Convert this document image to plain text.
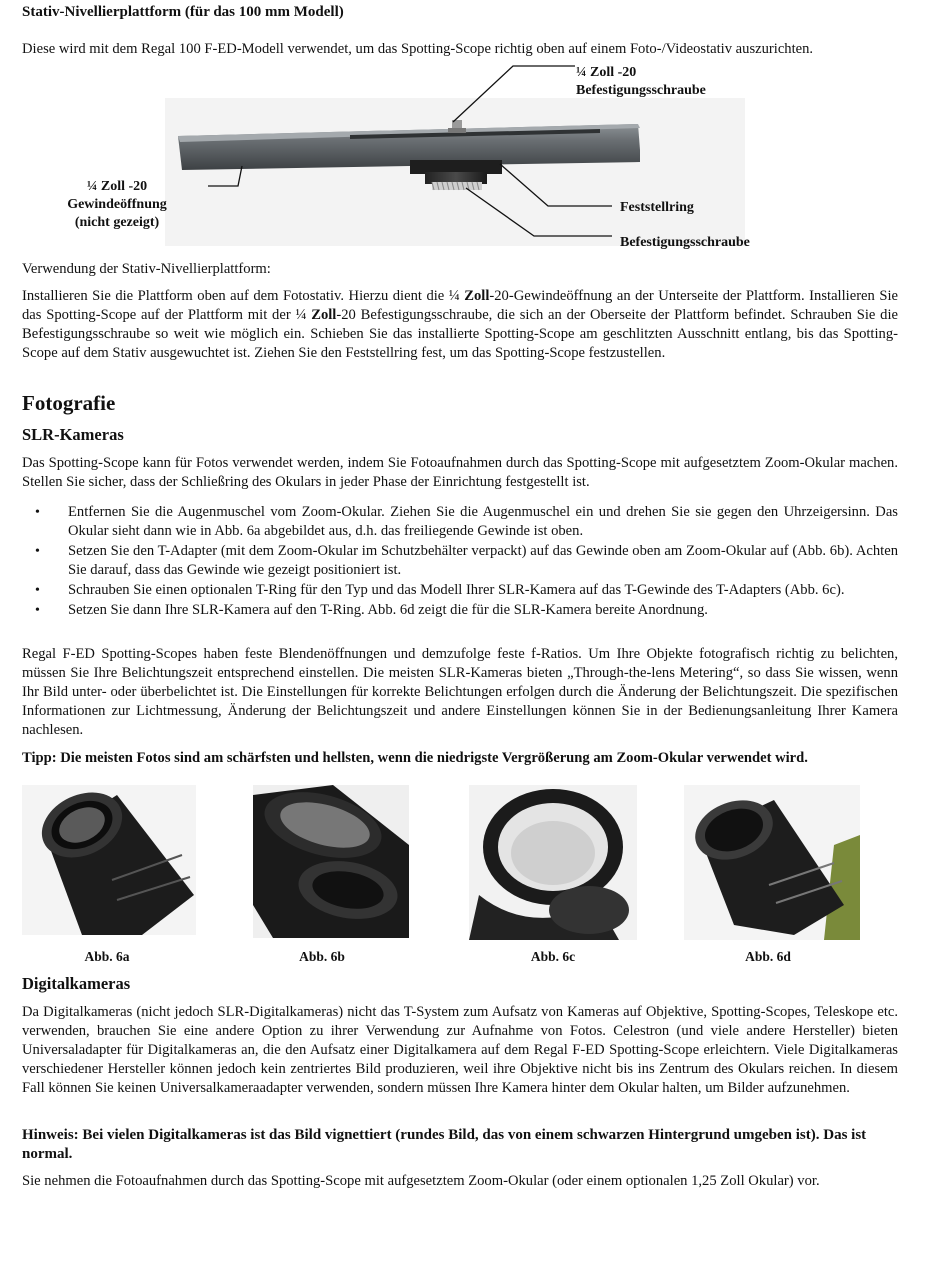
Stativ-Nivellierplattform (für das 100 mm Modell)
Diese wird mit dem Regal 100 F-ED-Modell verwendet, um das Spotting-Scope richtig oben auf einem Foto-/Videostativ auszurichten.
¼ Zoll -20
Befestigungsschraube
¼ Zoll -20
Gewindeöffnung
(nicht gezeigt)
Feststellring
Befestigungsschraube
Verwendung der Stativ-Nivellierplattform:
Installieren Sie die Plattform oben auf dem Fotostativ. Hierzu dient die ¼ Zoll-20-Gewindeöffnung an der Unterseite der Plattform. Installieren Sie das Spotting-Scope auf der Plattform mit der ¼ Zoll-20 Befestigungsschraube, die sich an der Oberseite der Plattform befindet. Schrauben Sie die Befestigungsschraube so weit wie möglich ein. Schieben Sie das installierte Spotting-Scope am geschlitzten Ausschnitt entlang, bis das Spotting-Scope auf dem Stativ ausgewuchtet ist. Ziehen Sie den Feststellring fest, um das Spotting-Scope festzustellen.
Fotografie
SLR-Kameras
Das Spotting-Scope kann für Fotos verwendet werden, indem Sie Fotoaufnahmen durch das Spotting-Scope mit aufgesetztem Zoom-Okular machen. Stellen Sie sicher, dass der Schließring des Okulars in jeder Phase der Einrichtung festgestellt ist.
• Entfernen Sie die Augenmuschel vom Zoom-Okular. Ziehen Sie die Augenmuschel ein und drehen Sie sie gegen den Uhrzeigersinn. Das Okular sieht dann wie in Abb. 6a abgebildet aus, d.h. das freiliegende Gewinde ist oben.
• Setzen Sie den T-Adapter (mit dem Zoom-Okular im Schutzbehälter verpackt) auf das Gewinde oben am Zoom-Okular auf (Abb. 6b). Achten Sie darauf, dass das Gewinde wie gezeigt positioniert ist.
• Schrauben Sie einen optionalen T-Ring für den Typ und das Modell Ihrer SLR-Kamera auf das T-Gewinde des T-Adapters (Abb. 6c).
• Setzen Sie dann Ihre SLR-Kamera auf den T-Ring. Abb. 6d zeigt die für die SLR-Kamera bereite Anordnung.
Regal F-ED Spotting-Scopes haben feste Blendenöffnungen und demzufolge feste f-Ratios. Um Ihre Objekte fotografisch richtig zu belichten, müssen Sie Ihre Belichtungszeit entsprechend einstellen. Die meisten SLR-Kameras bieten „Through-the-lens Metering“, so dass Sie wissen, wenn Ihr Bild unter- oder überbelichtet ist. Die Einstellungen für korrekte Belichtungen erfolgen durch die Änderung der Belichtungszeit. Die spezifischen Informationen zur Lichtmessung, Änderung der Belichtungszeit und andere Einstellungen können Sie in der Bedienungsanleitung Ihrer Kamera nachlesen.
Tipp: Die meisten Fotos sind am schärfsten und hellsten, wenn die niedrigste Vergrößerung am Zoom-Okular verwendet wird.
Abb. 6a	Abb. 6b	Abb. 6c	Abb. 6d
Digitalkameras
Da Digitalkameras (nicht jedoch SLR-Digitalkameras) nicht das T-System zum Aufsatz von Kameras auf Objektive, Spotting-Scopes, Teleskope etc. verwenden, brauchen Sie eine andere Option zu ihrer Verwendung zur Aufnahme von Fotos. Celestron (und viele andere Hersteller) bieten Universaladapter für Digitalkameras an, die den Aufsatz einer Digitalkamera auf dem Regal F-ED Spotting-Scope erleichtern. Viele Digitalkameras verschiedener Hersteller können jedoch kein zentriertes Bild produzieren, weil ihre Objektive nicht bis ins Zentrum des Okulars reichen. In diesem Fall können Sie keinen Universalkameraadapter verwenden, sondern müssen Ihre Kamera hinter dem Okular halten, um Bilder aufzunehmen.
Hinweis: Bei vielen Digitalkameras ist das Bild vignettiert (rundes Bild, das von einem schwarzen Hintergrund umgeben ist). Das ist normal.
Sie nehmen die Fotoaufnahmen durch das Spotting-Scope mit aufgesetztem Zoom-Okular (oder einem optionalen 1,25 Zoll Okular) vor.
